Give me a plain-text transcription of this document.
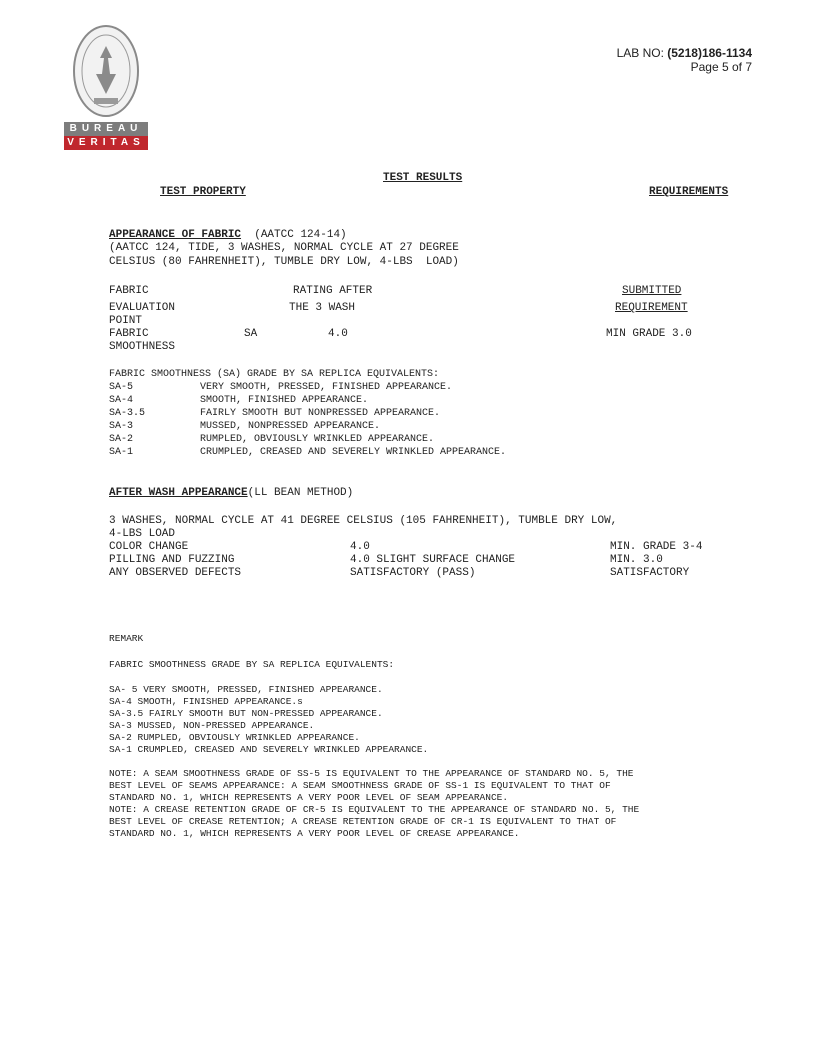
BUREAU
VERITAS
LAB NO: (5218)186-1134
Page 5 of 7
TEST RESULTS
TEST PROPERTY	REQUIREMENTS
APPEARANCE OF FABRIC (AATCC 124-14)
(AATCC 124, TIDE, 3 WASHES, NORMAL CYCLE AT 27 DEGREE
CELSIUS (80 FAHRENHEIT), TUMBLE DRY LOW, 4-LBS  LOAD)
FABRIC	RATING AFTER	SUBMITTED
EVALUATION	THE 3 WASH	REQUIREMENT
POINT
FABRIC	SA	4.0	MIN GRADE 3.0
SMOOTHNESS
FABRIC SMOOTHNESS (SA) GRADE BY SA REPLICA EQUIVALENTS:
SA-5	VERY SMOOTH, PRESSED, FINISHED APPEARANCE.
SA-4	SMOOTH, FINISHED APPEARANCE.
SA-3.5	FAIRLY SMOOTH BUT NONPRESSED APPEARANCE.
SA-3	MUSSED, NONPRESSED APPEARANCE.
SA-2	RUMPLED, OBVIOUSLY WRINKLED APPEARANCE.
SA-1	CRUMPLED, CREASED AND SEVERELY WRINKLED APPEARANCE.
AFTER WASH APPEARANCE(LL BEAN METHOD)
3 WASHES, NORMAL CYCLE AT 41 DEGREE CELSIUS (105 FAHRENHEIT), TUMBLE DRY LOW,
4-LBS LOAD
COLOR CHANGE	4.0	MIN. GRADE 3-4
PILLING AND FUZZING	4.0 SLIGHT SURFACE CHANGE	MIN. 3.0
ANY OBSERVED DEFECTS	SATISFACTORY (PASS)	SATISFACTORY
REMARK
FABRIC SMOOTHNESS GRADE BY SA REPLICA EQUIVALENTS:
SA- 5 VERY SMOOTH, PRESSED, FINISHED APPEARANCE.
SA-4 SMOOTH, FINISHED APPEARANCE.s
SA-3.5 FAIRLY SMOOTH BUT NON-PRESSED APPEARANCE.
SA-3 MUSSED, NON-PRESSED APPEARANCE.
SA-2 RUMPLED, OBVIOUSLY WRINKLED APPEARANCE.
SA-1 CRUMPLED, CREASED AND SEVERELY WRINKLED APPEARANCE.
NOTE: A SEAM SMOOTHNESS GRADE OF SS-5 IS EQUIVALENT TO THE APPEARANCE OF STANDARD NO. 5, THE
BEST LEVEL OF SEAMS APPEARANCE: A SEAM SMOOTHNESS GRADE OF SS-1 IS EQUIVALENT TO THAT OF
STANDARD NO. 1, WHICH REPRESENTS A VERY POOR LEVEL OF SEAM APPEARANCE.
NOTE: A CREASE RETENTION GRADE OF CR-5 IS EQUIVALENT TO THE APPEARANCE OF STANDARD NO. 5, THE
BEST LEVEL OF CREASE RETENTION; A CREASE RETENTION GRADE OF CR-1 IS EQUIVALENT TO THAT OF
STANDARD NO. 1, WHICH REPRESENTS A VERY POOR LEVEL OF CREASE APPEARANCE.
